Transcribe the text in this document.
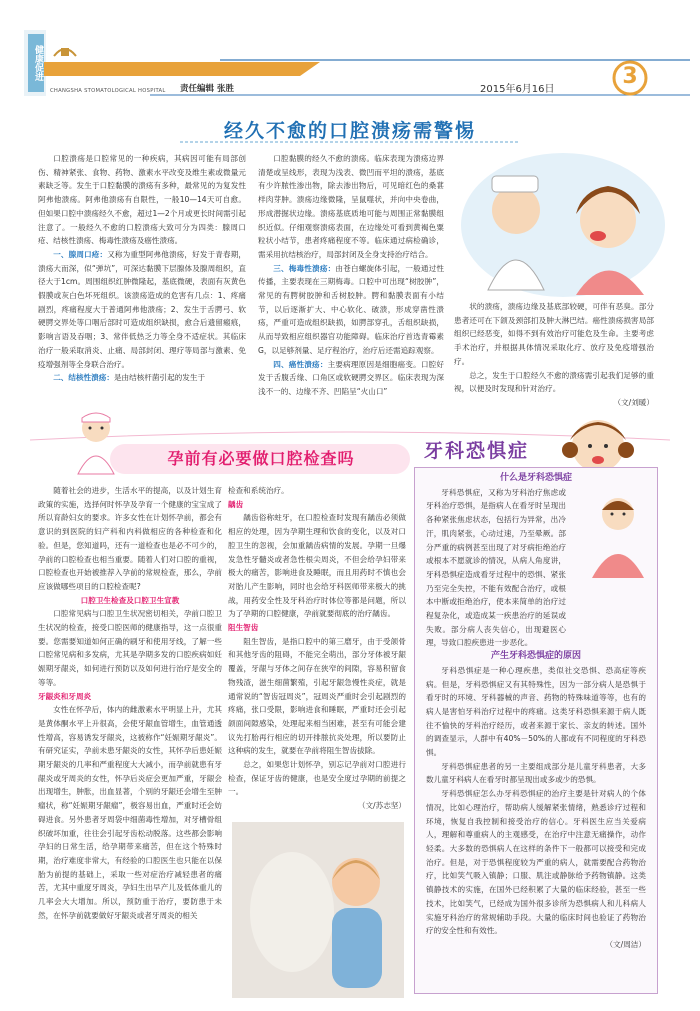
健康促进
CHANGSHA STOMATOLOGICAL HOSPITAL 责任编辑 张胜	2015年6月16日
3
经久不愈的口腔溃疡需警惕

口腔溃疡是口腔常见的一种疾病，其病因可能有局部创伤、精神紧张、食物、药物、激素水平改变及维生素或微量元素缺乏等。发生于口腔黏膜的溃疡有多种，最常见的为复发性阿弗他溃疡。阿弗他溃疡有自限性，一般10—14天可自愈。但如果口腔中溃疡经久不愈，超过1—2个月或更长时间需引起注意了。一般经久不愈的口腔溃疡大致可分为四类：腺周口疮、结核性溃疡、梅毒性溃疡及癌性溃疡。

一、腺周口疮：又称为重型阿弗他溃疡，好发于青春期，溃疡大而深，似“弹坑”，可深达黏膜下层腺体及腺周组织，直径大于1cm。周围组织红肿微隆起，基底微硬，表面有灰黄色假膜或灰白色坏死组织。该溃疡造成的危害有几点：1、疼痛剧烈，疼痛程度大于普通阿弗他溃疡；2、发生于舌腭弓、软硬腭交界处等口咽后部时可造成组织缺损，愈合后遗留瘢痕，影响言语及吞咽；3、常伴低热乏力等全身不适症状。其临床治疗一般采取消炎、止痛、局部封闭、理疗等局部与激素、免疫增强剂等全身联合治疗。

二、结核性溃疡：是由结核杆菌引起的发生于

口腔黏膜的经久不愈的溃疡。临床表现为溃疡边界清楚或呈线形，表现为浅表、微凹而平坦的溃疡，基底有少许脓性渗出物，除去渗出物后，可见暗红色的桑葚样肉芽肿。溃疡边缘微隆，呈鼠噬状，并向中央卷曲，形成潜掘状边缘。溃疡基底质地可能与周围正常黏膜组织近似。仔细观察溃疡表面，在边缘处可看到黄褐色粟粒状小结节，患者疼痛程度不等。临床通过病检确诊，需采用抗结核治疗，局部封闭及全身支持治疗结合。

三、梅毒性溃疡：由苍白螺旋体引起，一般通过性传播，主要表现在三期梅毒。口腔中可出现“树胶肿”，常见的有腭树胶肿和舌树胶肿。腭和黏膜表面有小结节，以后逐渐扩大、中心软化、破溃，形成穿凿性溃疡，严重可造成组织缺损，如腭部穿孔，舌组织缺损，从而导致相应组织器官功能障碍。临床治疗首选青霉素G，以足够剂量、足疗程治疗，治疗后还需追踪观察。

四、癌性溃疡：主要病理原因是细胞癌变。口腔好发于舌腹舌缘、口角区或软硬腭交界区。临床表现为深浅不一的、边缘不齐、凹陷呈“火山口”

状的溃疡，溃疡边缘及基底部较硬，可伴有恶臭。部分患者还可在下颌及颈部扪及肿大淋巴结。癌性溃疡损害局部组织已经恶变，如得不到有效治疗可能危及生命。主要考虑手术治疗，并根据具体情况采取化疗、放疗及免疫增强治疗。

总之，发生于口腔经久不愈的溃疡需引起我们足够的重视，以便及时发现和针对治疗。

（文/刘暖）
孕前有必要做口腔检查吗

随着社会的进步，生活水平的提高，以及计划生育政策的实施，选择何时怀孕及孕育一个健康的宝宝成了所以育龄妇女的要求。许多女性在计划怀孕前，都会有意识的到医院的妇产科和内科做相应的各种检查和化验。但是，您知道吗，还有一道检查也是必不可少的，孕前的口腔检查也相当重要。随着人们对口腔的重视，口腔检查也开始被推荐入孕前的常规检查，那么，孕前应该做哪些项目的口腔检查呢?

口腔卫生检查及口腔卫生宣教

口腔常见病与口腔卫生状况密切相关，孕前口腔卫生状况的检查，接受口腔医师的健康指导，这一点很重要。您需要知道如何正确的刷牙和使用牙线，了解一些口腔常见病和多发病，尤其是孕期多发的口腔疾病如妊娠期牙龈炎，如何进行预防以及如何进行治疗是安全的等等。

牙龈炎和牙周炎

女性在怀孕后，体内的雌激素水平明显上升，尤其是黄体酮水平上升很高，会使牙龈血管增生，血管通透性增高，容易诱发牙龈炎，这被称作“妊娠期牙龈炎”。有研究证实，孕前未患牙龈炎的女性，其怀孕后患妊娠期牙龈炎的几率和严重程度大大减小，而孕前就患有牙龈炎或牙周炎的女性，怀孕后炎症会更加严重，牙龈会出现增生，肿胀，出血显著，个别的牙龈还会增生至肿瘤状，称“妊娠期牙龈瘤”，极容易出血，严重时还会妨碍进食。另外患者牙周袋中细菌毒性增加，对牙槽骨组织破坏加重，往往会引起牙齿松动脱落。这些都会影响孕妇的日常生活，给孕期带来痛苦，但在这个特殊时期，治疗难度非常大，有经验的口腔医生也只能在以保胎为前提的基础上，采取一些对症治疗减轻患者的痛苦，尤其中重度牙周炎，孕妇生出早产儿及低体重儿的几率会大大增加。所以，预防重于治疗，要防患于未然，在怀孕前就要做好牙龈炎或者牙周炎的相关

检查和系统治疗。
龋齿

龋齿俗称蛀牙，在口腔检查时发现有龋齿必须做相应的处理，因为孕期生理和饮食的变化，以及对口腔卫生的忽视，会加重龋齿病情的发展。孕期一旦爆发急性牙髓炎或者急性根尖周炎，不但会给孕妇带来极大的痛苦，影响进食及睡眠，而且用药时不慎也会对胎儿产生影响，同时也会给牙科医师带来极大的挑战，用药安全性及牙科治疗时体位等都是问题，所以为了孕期的口腔健康，孕前就要彻底的治疗龋齿。

阻生智齿

阻生智齿，是指口腔中的第三磨牙，由于受颌骨和其他牙齿的阻碍，不能完全萌出，部分牙体被牙龈覆盖，牙龈与牙体之间存在狭窄的间隙，容易积留食物残渣，滋生细菌繁殖，引起牙龈急慢性炎症，就是通常说的“智齿冠周炎”，冠周炎严重时会引起剧烈的疼痛，张口受限，影响进食和睡眠，严重时还会引起颌面间隙感染，处理起来相当困难，甚至有可能会建议先打胎再行相应的切开排脓抗炎处理，所以要防止这种病的发生，就要在孕前将阻生智齿拔除。

总之，如果您计划怀孕，别忘记孕前对口腔进行检查，保证牙齿的健康，也是安全度过孕期的前提之一。

（文/苏志坚）
牙科恐惧症
什么是牙科恐惧症

牙科恐惧症，又称为牙科治疗焦虑或牙科治疗恐惧，是指病人在看牙时呈现出各种紧张焦虑状态，包括行为异常，出冷汗，肌肉紧张，心动过速，乃至晕厥。部分严重的病例甚至出现了对牙病拒绝治疗或根本不愿就诊的情况，从病人角度讲，牙科恐惧症造成看牙过程中的恐惧、紧张乃至完全失控，不能有效配合治疗，或根本中断或拒绝治疗，使本来简单的治疗过程复杂化，或造成某一疾患治疗的延误或失败。部分病人丧失信心，出现避医心理，导致口腔疾患进一步恶化。

产生牙科恐惧症的原因

牙科恐惧症是一种心理疾患，类似社交恐惧、恐高症等疾病。但是，牙科恐惧症又有其特殊性，因为一部分病人是恐惧于看牙时的环境、牙科器械的声音、药物的特殊味道等等，也有的病人是害怕牙科治疗过程中的疼痛。这类牙科恐惧来源于病人既往不愉快的牙科治疗经历，或者来源于家长、亲友的转述。国外的调查显示，人群中有40%－50%的人都或有不同程度的牙科恐惧。

牙科恐惧症患者的另一主要组成部分是儿童牙科患者，大多数儿童牙科病人在看牙时都呈现出或多或少的恐惧。

牙科恐惧症怎么办牙科恐惧症的治疗主要是针对病人的个体情况，比如心理治疗，帮助病人缓解紧张情绪，熟悉诊疗过程和环境，恢复自我控制和接受治疗的信心。牙科医生应当关爱病人，理解和尊重病人的主观感受，在治疗中注意无痛操作，动作轻柔。大多数的恐惧病人在这样的条件下一般都可以接受和完成治疗。但是，对于恐惧程度较为严重的病人，就需要配合药物治疗，比如笑气吸入镇静；口服、肌注或静脉给予药物镇静。这类镇静技术的实施，在国外已经积累了大量的临床经验，甚至一些技术，比如笑气，已经成为国外很多诊所为恐惧病人和儿科病人实施牙科治疗的常规辅助手段。大量的临床时间也验证了药物治疗的安全性和有效性。

（文/周洁）
